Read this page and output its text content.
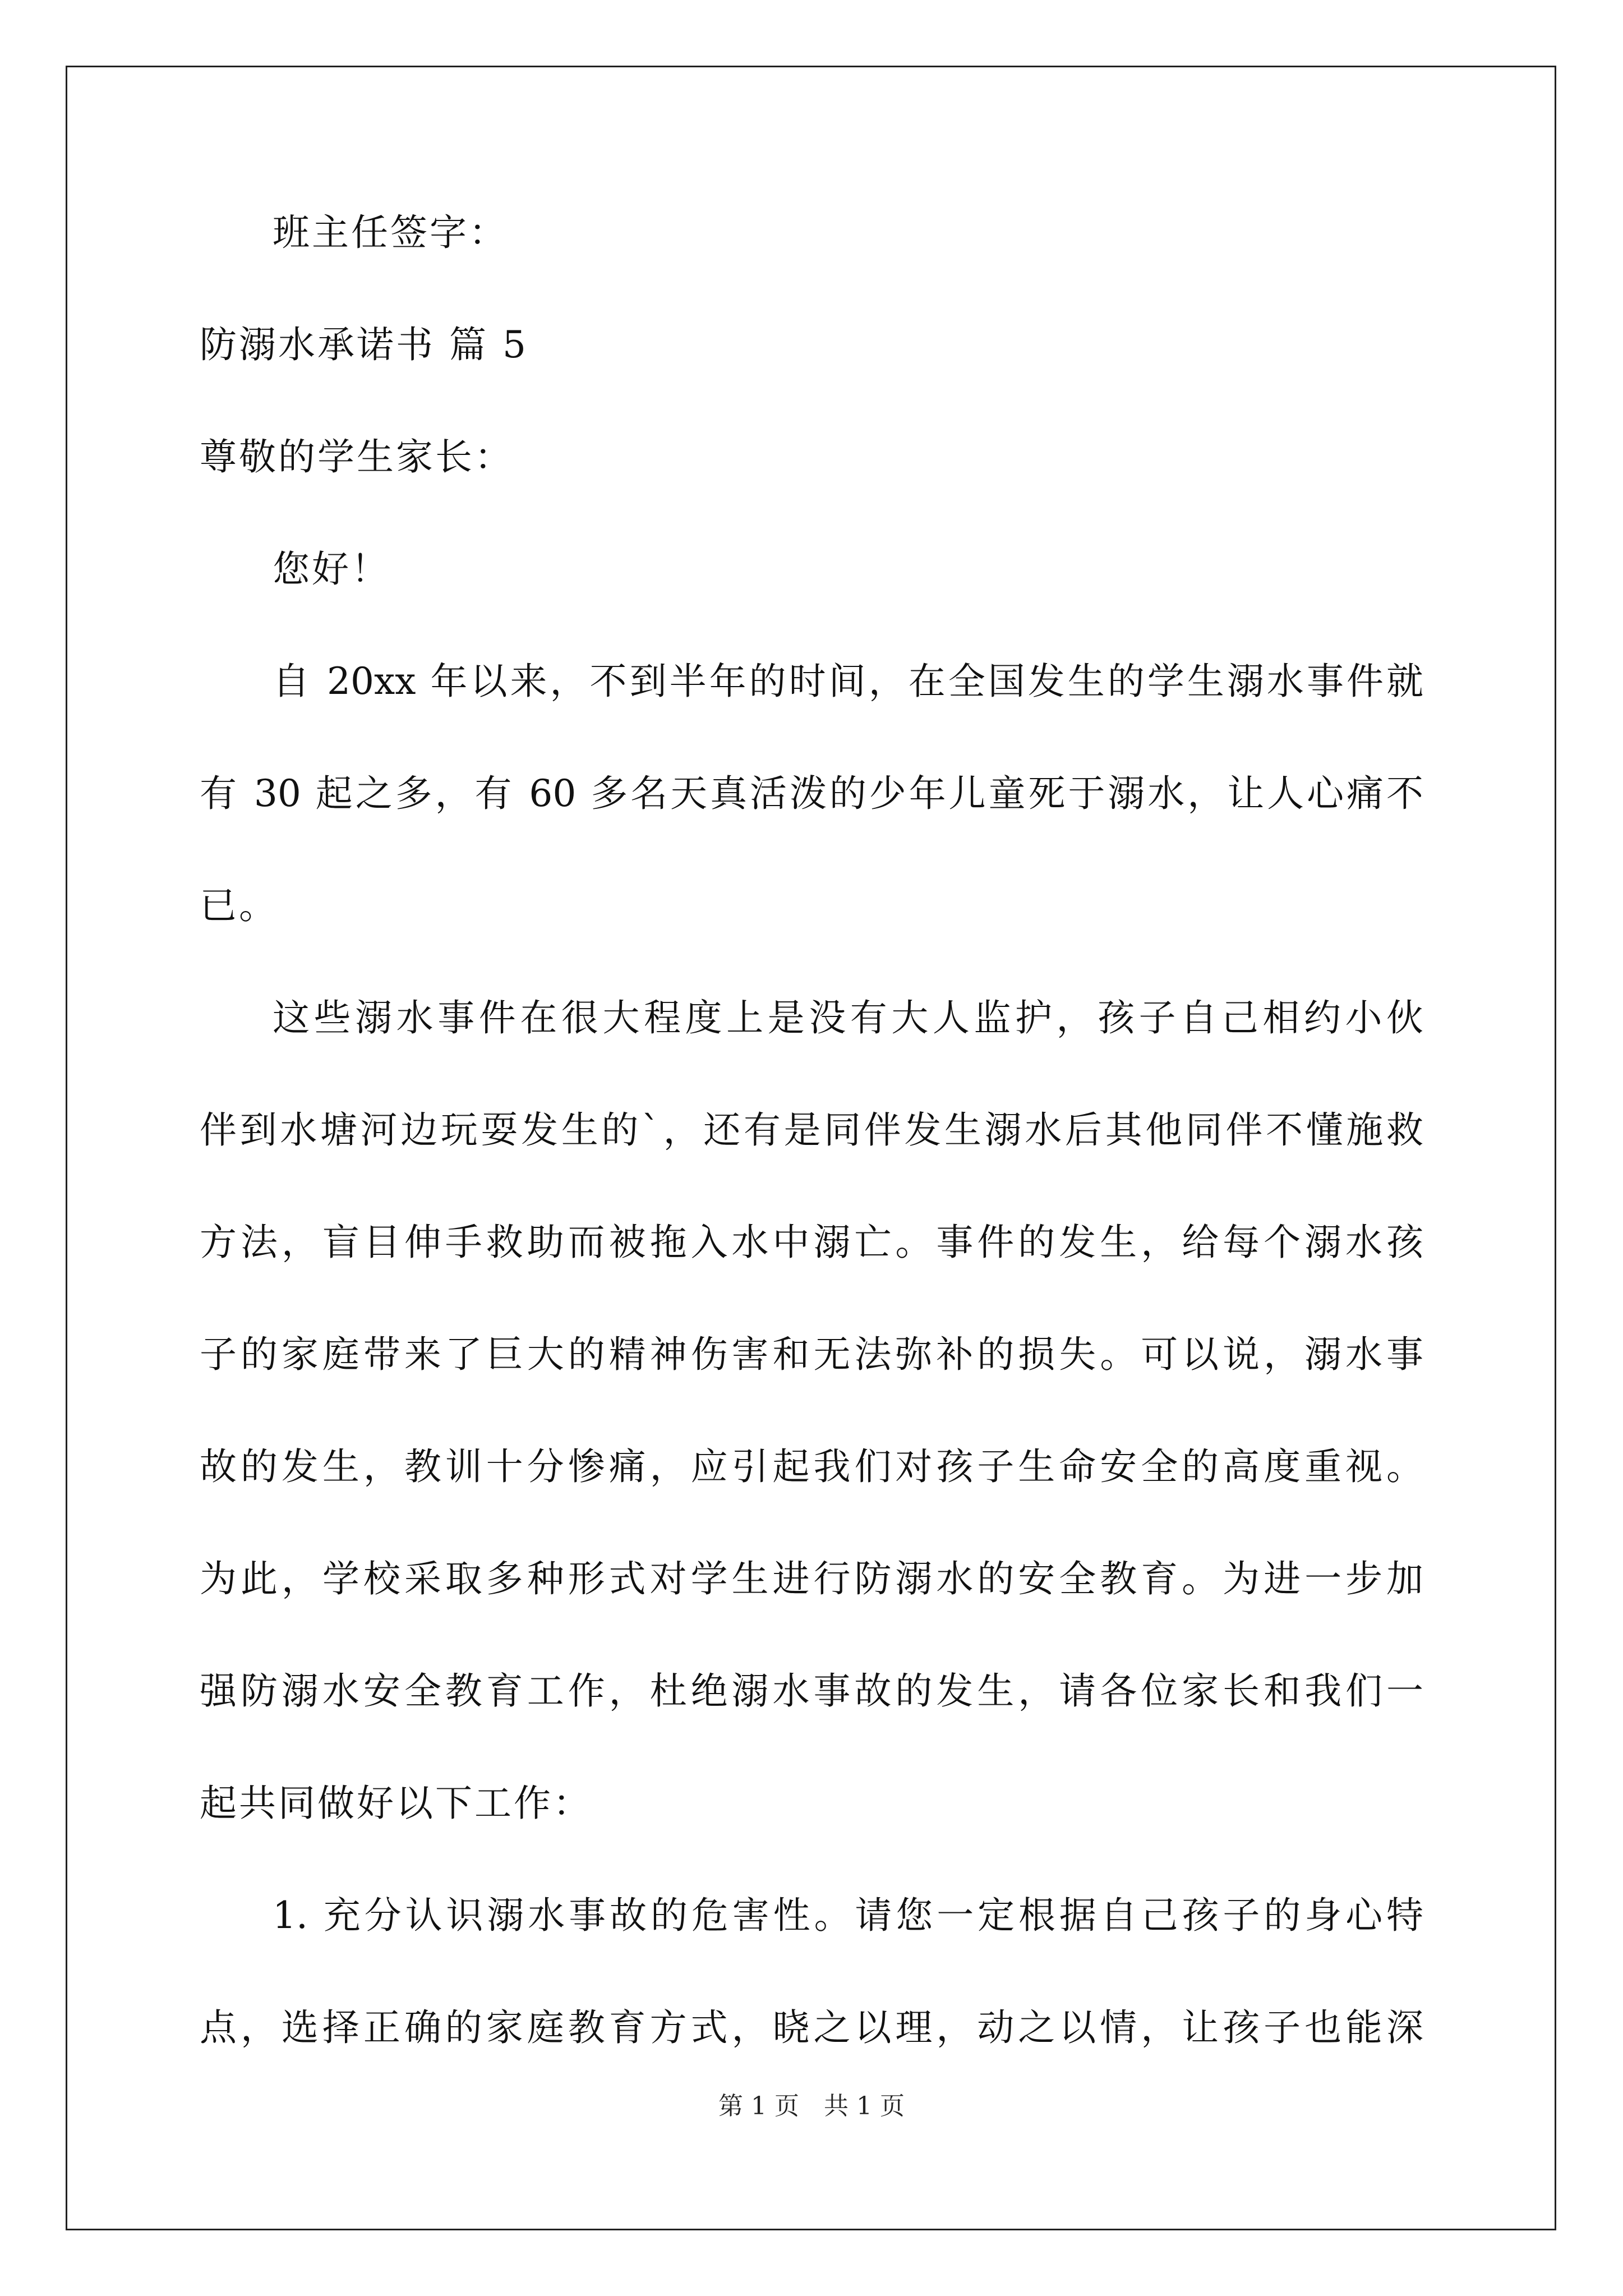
班主任签字：
防溺水承诺书 篇 5
尊敬的学生家长：
您好！
自 20xx 年以来，不到半年的时间，在全国发生的学生溺水事件就
有 30 起之多，有 60 多名天真活泼的少年儿童死于溺水，让人心痛不
已。
这些溺水事件在很大程度上是没有大人监护，孩子自己相约小伙
伴到水塘河边玩耍发生的`，还有是同伴发生溺水后其他同伴不懂施救
方法，盲目伸手救助而被拖入水中溺亡。事件的发生，给每个溺水孩
子的家庭带来了巨大的精神伤害和无法弥补的损失。可以说，溺水事
故的发生，教训十分惨痛，应引起我们对孩子生命安全的高度重视。
为此，学校采取多种形式对学生进行防溺水的安全教育。为进一步加
强防溺水安全教育工作，杜绝溺水事故的发生，请各位家长和我们一
起共同做好以下工作：
1. 充分认识溺水事故的危害性。请您一定根据自己孩子的身心特
点，选择正确的家庭教育方式，晓之以理，动之以情，让孩子也能深
第 1 页　共 1 页
